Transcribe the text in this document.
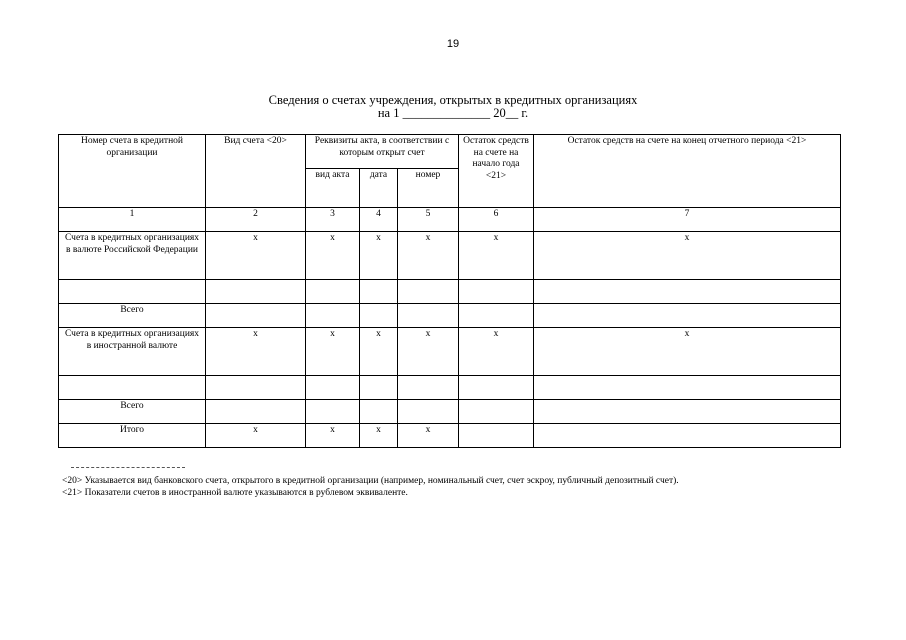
19
Сведения о счетах учреждения, открытых в кредитных организациях
на 1 ______________ 20__ г.
Номер счета в кредитной организации	Вид счета <20>	Реквизиты акта, в соответствии с которым открыт счет			Остаток средств на счете на начало года <21>	Остаток средств на счете на конец отчетного периода <21>
		вид акта	дата	номер		
1	2	3	4	5	6	7
Счета в кредитных организациях в валюте Российской Федерации	x	x	x	x	x	x

Всего						
Счета в кредитных организациях в иностранной валюте	x	x	x	x	x	x

Всего						
Итого	x	x	x	x		

<20> Указывается вид банковского счета, открытого в кредитной организации (например, номинальный счет, счет эскроу, публичный депозитный счет).

<21> Показатели счетов в иностранной валюте указываются в рублевом эквиваленте.
